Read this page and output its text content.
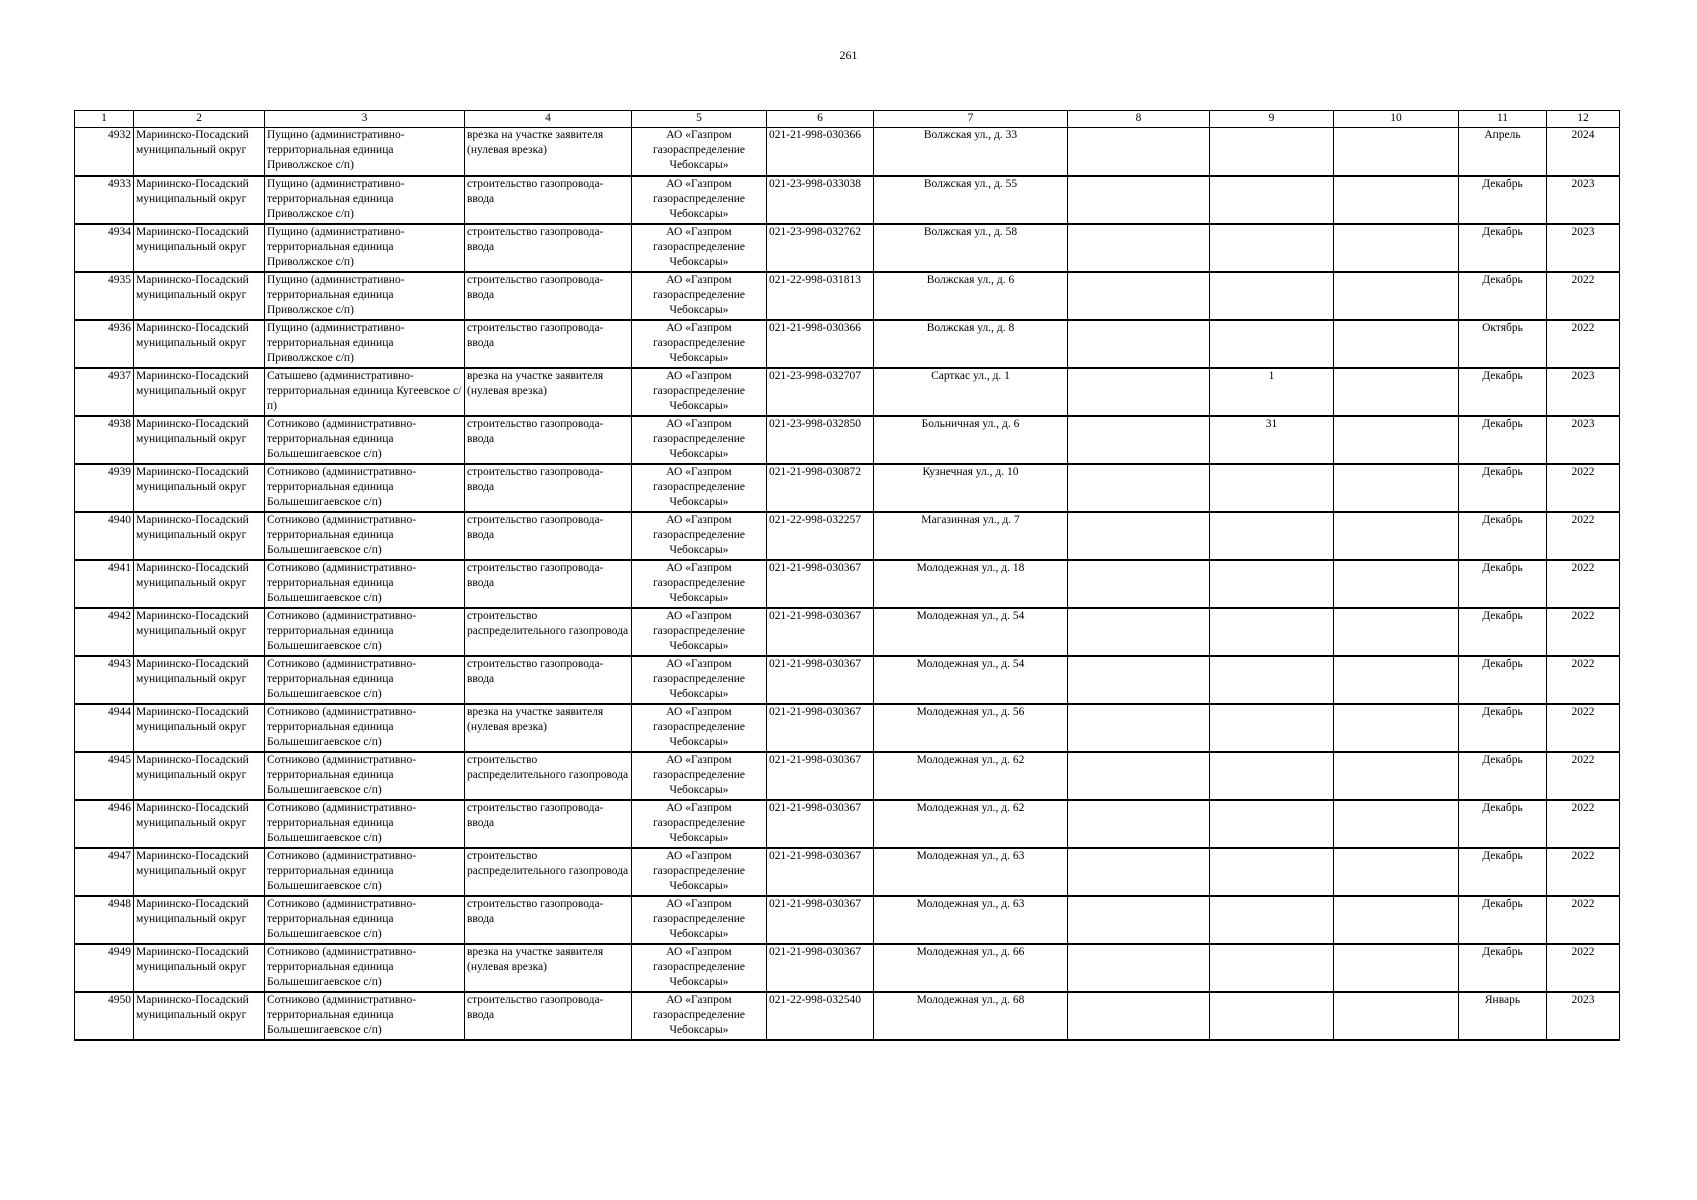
261
1	2	3	4	5	6	7	8	9	10	11	12
4932	Мариинско-Посадский муниципальный округ	Пущино (административно-территориальная единица Приволжское с/п)	врезка на участке заявителя (нулевая врезка)	АО «Газпром газораспределение Чебоксары»	021-21-998-030366	Волжская ул., д. 33				Апрель	2024
4933	Мариинско-Посадский муниципальный округ	Пущино (административно-территориальная единица Приволжское с/п)	строительство газопровода-ввода	АО «Газпром газораспределение Чебоксары»	021-23-998-033038	Волжская ул., д. 55				Декабрь	2023
4934	Мариинско-Посадский муниципальный округ	Пущино (административно-территориальная единица Приволжское с/п)	строительство газопровода-ввода	АО «Газпром газораспределение Чебоксары»	021-23-998-032762	Волжская ул., д. 58				Декабрь	2023
4935	Мариинско-Посадский муниципальный округ	Пущино (административно-территориальная единица Приволжское с/п)	строительство газопровода-ввода	АО «Газпром газораспределение Чебоксары»	021-22-998-031813	Волжская ул., д. 6				Декабрь	2022
4936	Мариинско-Посадский муниципальный округ	Пущино (административно-территориальная единица Приволжское с/п)	строительство газопровода-ввода	АО «Газпром газораспределение Чебоксары»	021-21-998-030366	Волжская ул., д. 8				Октябрь	2022
4937	Мариинско-Посадский муниципальный округ	Сатышево (административно-территориальная единица Кугеевское с/п)	врезка на участке заявителя (нулевая врезка)	АО «Газпром газораспределение Чебоксары»	021-23-998-032707	Сарткас ул., д. 1		1		Декабрь	2023
4938	Мариинско-Посадский муниципальный округ	Сотниково (административно-территориальная единица Большешигаевское с/п)	строительство газопровода-ввода	АО «Газпром газораспределение Чебоксары»	021-23-998-032850	Больничная ул., д. 6		31		Декабрь	2023
4939	Мариинско-Посадский муниципальный округ	Сотниково (административно-территориальная единица Большешигаевское с/п)	строительство газопровода-ввода	АО «Газпром газораспределение Чебоксары»	021-21-998-030872	Кузнечная ул., д. 10				Декабрь	2022
4940	Мариинско-Посадский муниципальный округ	Сотниково (административно-территориальная единица Большешигаевское с/п)	строительство газопровода-ввода	АО «Газпром газораспределение Чебоксары»	021-22-998-032257	Магазинная ул., д. 7				Декабрь	2022
4941	Мариинско-Посадский муниципальный округ	Сотниково (административно-территориальная единица Большешигаевское с/п)	строительство газопровода-ввода	АО «Газпром газораспределение Чебоксары»	021-21-998-030367	Молодежная ул., д. 18				Декабрь	2022
4942	Мариинско-Посадский муниципальный округ	Сотниково (административно-территориальная единица Большешигаевское с/п)	строительство распределительного газопровода	АО «Газпром газораспределение Чебоксары»	021-21-998-030367	Молодежная ул., д. 54				Декабрь	2022
4943	Мариинско-Посадский муниципальный округ	Сотниково (административно-территориальная единица Большешигаевское с/п)	строительство газопровода-ввода	АО «Газпром газораспределение Чебоксары»	021-21-998-030367	Молодежная ул., д. 54				Декабрь	2022
4944	Мариинско-Посадский муниципальный округ	Сотниково (административно-территориальная единица Большешигаевское с/п)	врезка на участке заявителя (нулевая врезка)	АО «Газпром газораспределение Чебоксары»	021-21-998-030367	Молодежная ул., д. 56				Декабрь	2022
4945	Мариинско-Посадский муниципальный округ	Сотниково (административно-территориальная единица Большешигаевское с/п)	строительство распределительного газопровода	АО «Газпром газораспределение Чебоксары»	021-21-998-030367	Молодежная ул., д. 62				Декабрь	2022
4946	Мариинско-Посадский муниципальный округ	Сотниково (административно-территориальная единица Большешигаевское с/п)	строительство газопровода-ввода	АО «Газпром газораспределение Чебоксары»	021-21-998-030367	Молодежная ул., д. 62				Декабрь	2022
4947	Мариинско-Посадский муниципальный округ	Сотниково (административно-территориальная единица Большешигаевское с/п)	строительство распределительного газопровода	АО «Газпром газораспределение Чебоксары»	021-21-998-030367	Молодежная ул., д. 63				Декабрь	2022
4948	Мариинско-Посадский муниципальный округ	Сотниково (административно-территориальная единица Большешигаевское с/п)	строительство газопровода-ввода	АО «Газпром газораспределение Чебоксары»	021-21-998-030367	Молодежная ул., д. 63				Декабрь	2022
4949	Мариинско-Посадский муниципальный округ	Сотниково (административно-территориальная единица Большешигаевское с/п)	врезка на участке заявителя (нулевая врезка)	АО «Газпром газораспределение Чебоксары»	021-21-998-030367	Молодежная ул., д. 66				Декабрь	2022
4950	Мариинско-Посадский муниципальный округ	Сотниково (административно-территориальная единица Большешигаевское с/п)	строительство газопровода-ввода	АО «Газпром газораспределение Чебоксары»	021-22-998-032540	Молодежная ул., д. 68				Январь	2023
